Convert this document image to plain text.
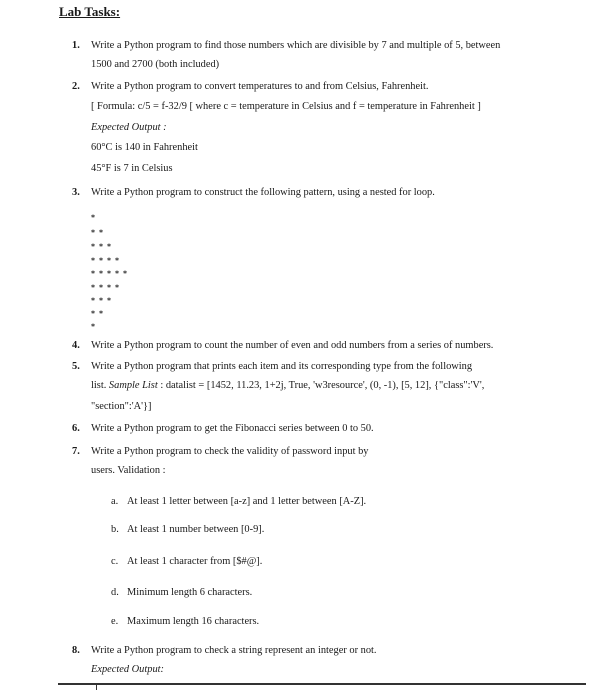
Lab Tasks:
1. Write a Python program to find those numbers which are divisible by 7 and multiple of 5, between
1500 and 2700 (both included)
2. Write a Python program to convert temperatures to and from Celsius, Fahrenheit.
[ Formula: c/5 = f-32/9 [ where c = temperature in Celsius and f = temperature in Fahrenheit ]
Expected Output :
60°C is 140 in Fahrenheit
45°F is 7 in Celsius
3. Write a Python program to construct the following pattern, using a nested for loop.
*
* *
* * *
* * * *
* * * * *
* * * *
* * *
* *
*
4. Write a Python program to count the number of even and odd numbers from a series of numbers.
5. Write a Python program that prints each item and its corresponding type from the following
list. Sample List : datalist = [1452, 11.23, 1+2j, True, 'w3resource', (0, -1), [5, 12], {"class":'V',
"section":'A'}]
6. Write a Python program to get the Fibonacci series between 0 to 50.
7. Write a Python program to check the validity of password input by
users. Validation :
a. At least 1 letter between [a-z] and 1 letter between [A-Z].
b. At least 1 number between [0-9].
c. At least 1 character from [$#@].
d. Minimum length 6 characters.
e. Maximum length 16 characters.
8. Write a Python program to check a string represent an integer or not.
Expected Output:
